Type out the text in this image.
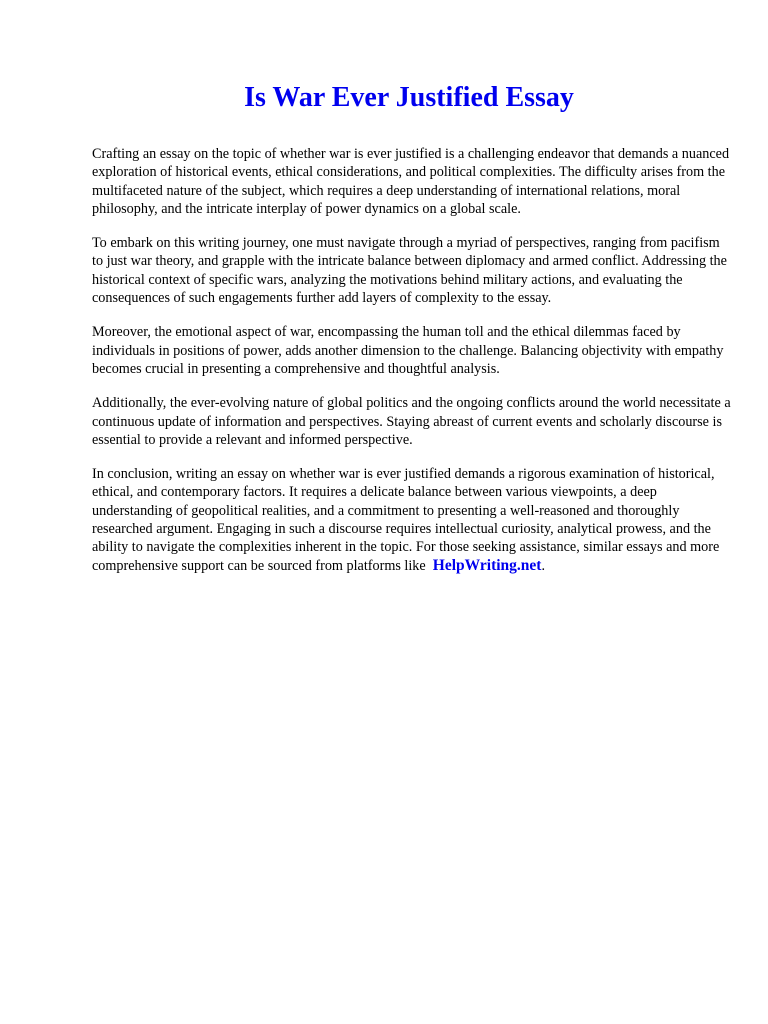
Is War Ever Justified Essay

Crafting an essay on the topic of whether war is ever justified is a challenging endeavor that demands a nuanced exploration of historical events, ethical considerations, and political complexities. The difficulty arises from the multifaceted nature of the subject, which requires a deep understanding of international relations, moral philosophy, and the intricate interplay of power dynamics on a global scale.

To embark on this writing journey, one must navigate through a myriad of perspectives, ranging from pacifism to just war theory, and grapple with the intricate balance between diplomacy and armed conflict. Addressing the historical context of specific wars, analyzing the motivations behind military actions, and evaluating the consequences of such engagements further add layers of complexity to the essay.

Moreover, the emotional aspect of war, encompassing the human toll and the ethical dilemmas faced by individuals in positions of power, adds another dimension to the challenge. Balancing objectivity with empathy becomes crucial in presenting a comprehensive and thoughtful analysis.

Additionally, the ever-evolving nature of global politics and the ongoing conflicts around the world necessitate a continuous update of information and perspectives. Staying abreast of current events and scholarly discourse is essential to provide a relevant and informed perspective.

In conclusion, writing an essay on whether war is ever justified demands a rigorous examination of historical, ethical, and contemporary factors. It requires a delicate balance between various viewpoints, a deep understanding of geopolitical realities, and a commitment to presenting a well-reasoned and thoroughly researched argument. Engaging in such a discourse requires intellectual curiosity, analytical prowess, and the ability to navigate the complexities inherent in the topic. For those seeking assistance, similar essays and more comprehensive support can be sourced from platforms like HelpWriting.net.
